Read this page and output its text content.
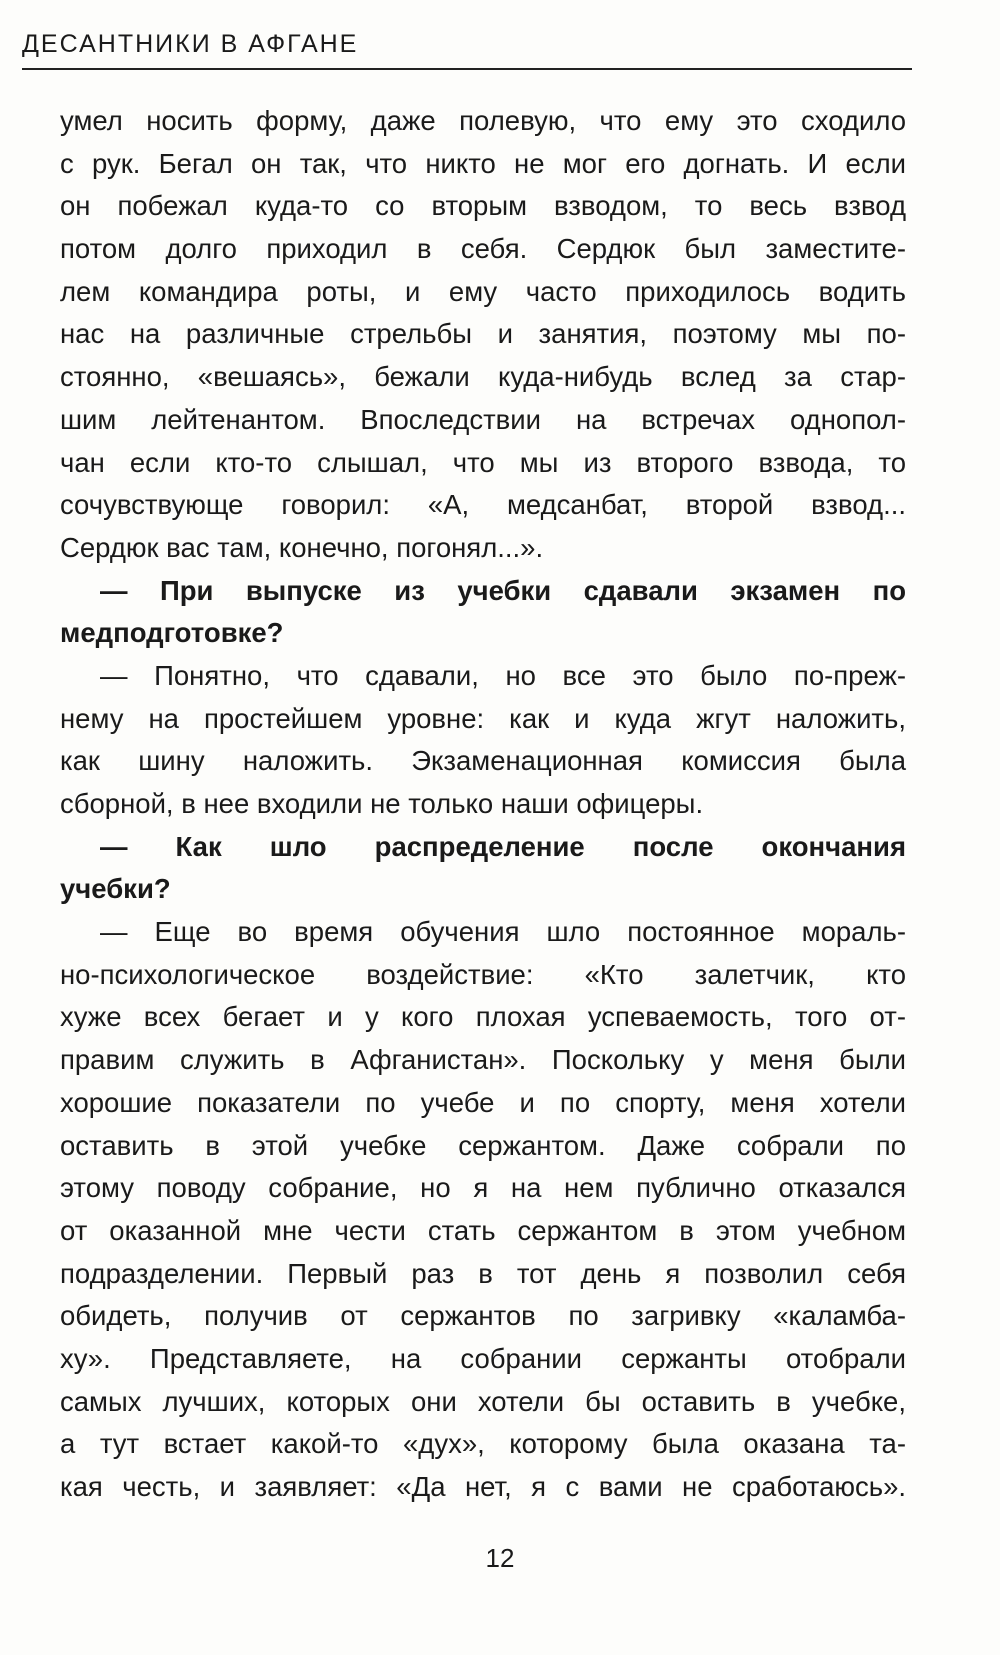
ДЕСАНТНИКИ В АФГАНЕ
умел носить форму, даже полевую, что ему это сходило
с рук. Бегал он так, что никто не мог его догнать. И если
он побежал куда-то со вторым взводом, то весь взвод
потом долго приходил в себя. Сердюк был заместите-
лем командира роты, и ему часто приходилось водить
нас на различные стрельбы и занятия, поэтому мы по-
стоянно, «вешаясь», бежали куда-нибудь вслед за стар-
шим лейтенантом. Впоследствии на встречах однопол-
чан если кто-то слышал, что мы из второго взвода, то
сочувствующе говорил: «А, медсанбат, второй взвод...
Сердюк вас там, конечно, погонял...».
— При выпуске из учебки сдавали экзамен по
медподготовке?
— Понятно, что сдавали, но все это было по-преж-
нему на простейшем уровне: как и куда жгут наложить,
как шину наложить. Экзаменационная комиссия была
сборной, в нее входили не только наши офицеры.
— Как шло распределение после окончания
учебки?
— Еще во время обучения шло постоянное мораль-
но-психологическое воздействие: «Кто залетчик, кто
хуже всех бегает и у кого плохая успеваемость, того от-
правим служить в Афганистан». Поскольку у меня были
хорошие показатели по учебе и по спорту, меня хотели
оставить в этой учебке сержантом. Даже собрали по
этому поводу собрание, но я на нем публично отказался
от оказанной мне чести стать сержантом в этом учебном
подразделении. Первый раз в тот день я позволил себя
обидеть, получив от сержантов по загривку «каламба-
ху». Представляете, на собрании сержанты отобрали
самых лучших, которых они хотели бы оставить в учебке,
а тут встает какой-то «дух», которому была оказана та-
кая честь, и заявляет: «Да нет, я с вами не сработаюсь».
12
